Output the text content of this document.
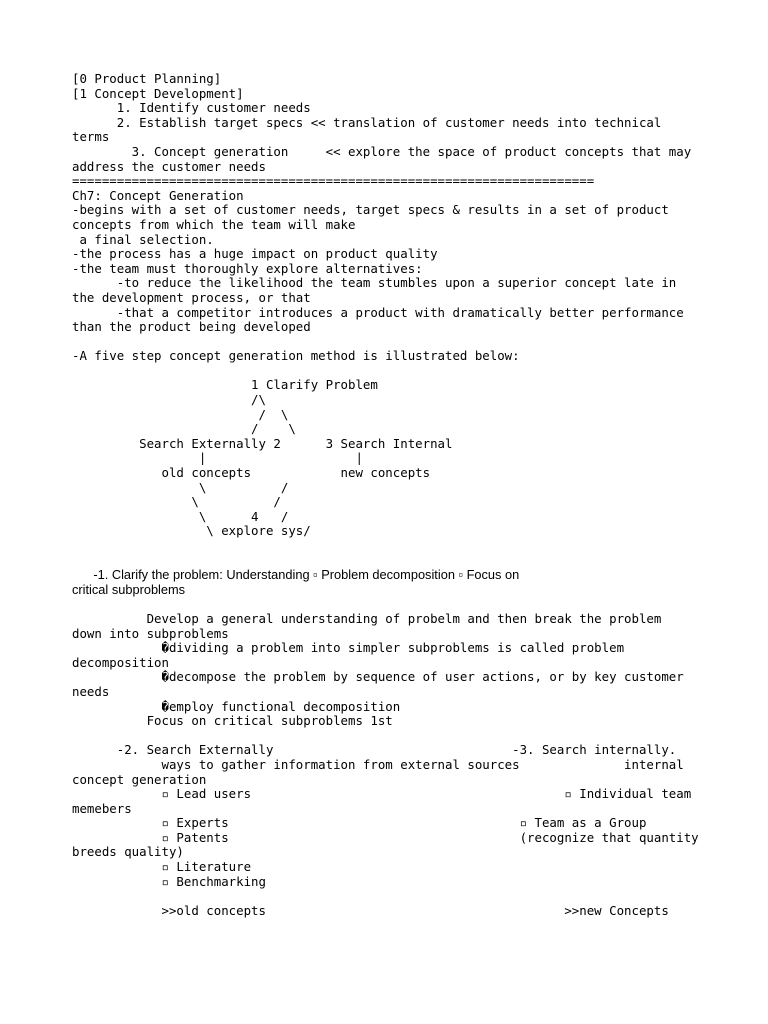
[0 Product Planning]
[1 Concept Development]
1. Identify customer needs
2. Establish target specs << translation of customer needs into technical
terms
3. Concept generation     << explore the space of product concepts that may
address the customer needs
======================================================================
Ch7: Concept Generation
-begins with a set of customer needs, target specs & results in a set of product
concepts from which the team will make
a final selection.
-the process has a huge impact on product quality
-the team must thoroughly explore alternatives:
-to reduce the likelihood the team stumbles upon a superior concept late in
the development process, or that
-that a competitor introduces a product with dramatically better performance
than the product being developed
-A five step concept generation method is illustrated below:
1 Clarify Problem
/\
/  \
/    \
Search Externally 2      3 Search Internal
|                    |
old concepts            new concepts
\          /
\          /
\      4   /
\ explore sys/
-1. Clarify the problem: Understanding ▫ Problem decomposition ▫ Focus on
critical subproblems
Develop a general understanding of probelm and then break the problem
down into subproblems
�dividing a problem into simpler subproblems is called problem
decomposition
�decompose the problem by sequence of user actions, or by key customer
needs
�employ functional decomposition
Focus on critical subproblems 1st
-2. Search Externally                                -3. Search internally.
ways to gather information from external sources              internal
concept generation
▫ Lead users                                          ▫ Individual team
memebers
▫ Experts                                       ▫ Team as a Group
▫ Patents                                       (recognize that quantity
breeds quality)
▫ Literature
▫ Benchmarking
>>old concepts                                        >>new Concepts
